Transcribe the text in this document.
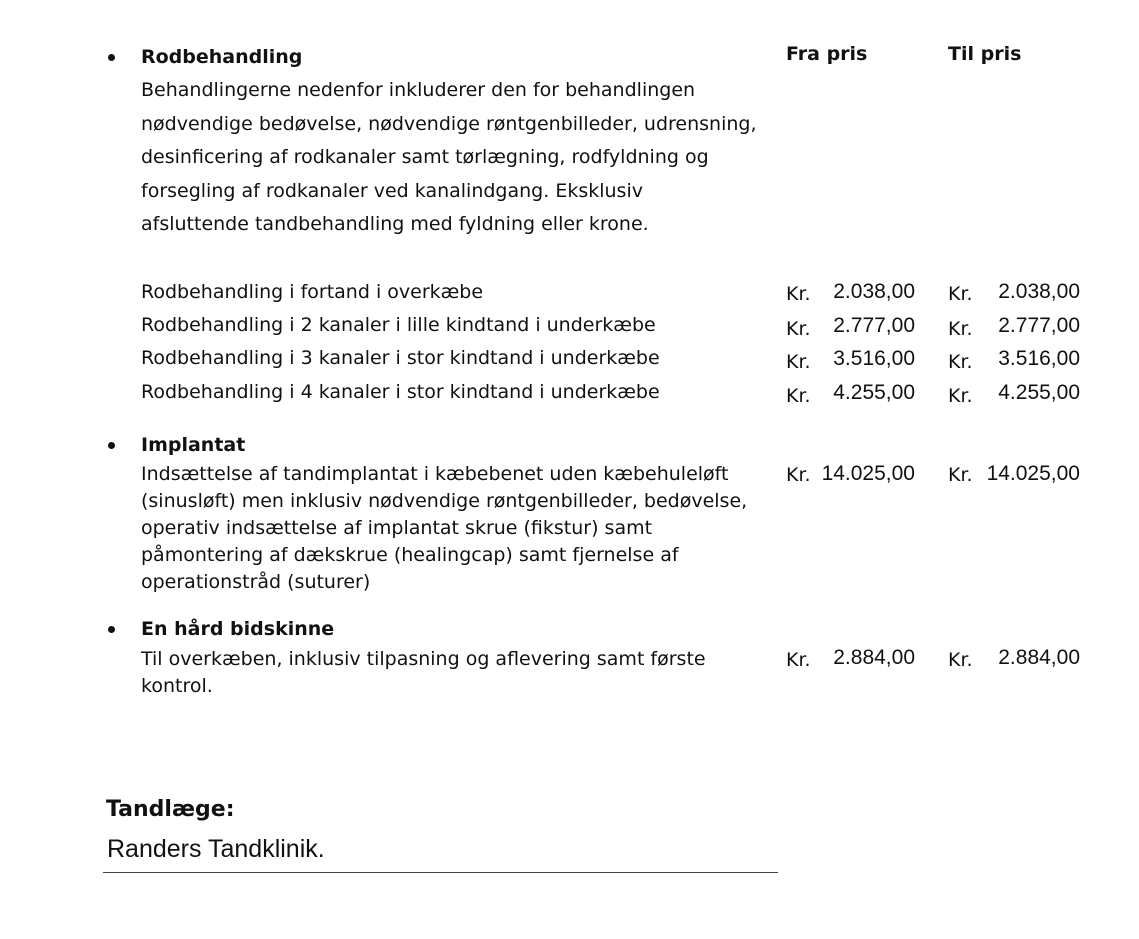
Fra pris	Til pris
Rodbehandling
Behandlingerne nedenfor inkluderer den for behandlingen
nødvendige bedøvelse, nødvendige røntgenbilleder, udrensning,
desinficering af rodkanaler samt tørlægning, rodfyldning og
forsegling af rodkanaler ved kanalindgang. Eksklusiv
afsluttende tandbehandling med fyldning eller krone.
Rodbehandling i fortand i overkæbe	Kr.	2.038,00 Kr.	2.038,00
Rodbehandling i 2 kanaler i lille kindtand i underkæbe	Kr.	2.777,00 Kr.	2.777,00
Rodbehandling i 3 kanaler i stor kindtand i underkæbe	Kr.	3.516,00 Kr.	3.516,00
Rodbehandling i 4 kanaler i stor kindtand i underkæbe	Kr.	4.255,00 Kr.	4.255,00
Implantat
Indsættelse af tandimplantat i kæbebenet uden kæbehuleløft
(sinusløft) men inklusiv nødvendige røntgenbilleder, bedøvelse,
operativ indsættelse af implantat skrue (fikstur) samt
påmontering af dækskrue (healingcap) samt fjernelse af
operationstråd (suturer)
Kr. 14.025,00 Kr. 14.025,00
En hård bidskinne
Til overkæben, inklusiv tilpasning og aflevering samt første
kontrol.
Kr.	2.884,00 Kr.	2.884,00
Tandlæge:
Randers Tandklinik.
